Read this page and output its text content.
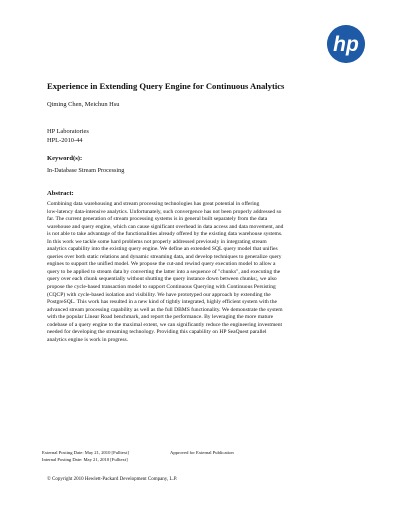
hp
Experience in Extending Query Engine for Continuous Analytics
Qiming Chen, Meichun Hsu
HP Laboratories
HPL-2010-44
Keyword(s):
In-Database Stream Processing
Abstract:
Combining data warehousing and stream processing technologies has great potential in offering
low-latency data-intensive analytics. Unfortunately, such convergence has not been properly addressed so
far. The current generation of stream processing systems is in general built separately from the data
warehouse and query engine, which can cause significant overhead in data access and data movement, and
is not able to take advantage of the functionalities already offered by the existing data warehouse systems.
In this work we tackle some hard problems not properly addressed previously in integrating stream
analytics capability into the existing query engine. We define an extended SQL query model that unifies
queries over both static relations and dynamic streaming data, and develop techniques to generalize query
engines to support the unified model. We propose the cut-and rewind query execution model to allow a
query to be applied to stream data by converting the latter into a sequence of "chunks", and executing the
query over each chunk sequentially without shutting the query instance down between chunks;, we also
propose the cycle-based transaction model to support Continuous Querying with Continuous Persisting
(CQCP) with cycle-based isolation and visibility. We have prototyped our approach by extending the
PostgreSQL. This work has resulted in a new kind of tightly integrated, highly efficient system with the
advanced stream processing capability as well as the full DBMS functionality. We demonstrate the system
with the popular Linear Road benchmark, and report the performance. By leveraging the more mature
codebase of a query engine to the maximal extent, we can significantly reduce the engineering investment
needed for developing the streaming technology. Providing this capability on HP SeaQuest parallel
analytics engine is work in progress.
External Posting Date: May 21, 2010 [Fulltext]
Internal Posting Date: May 21, 2010 [Fulltext]
Approved for External Publication
© Copyright 2010 Hewlett-Packard Development Company, L.P.
